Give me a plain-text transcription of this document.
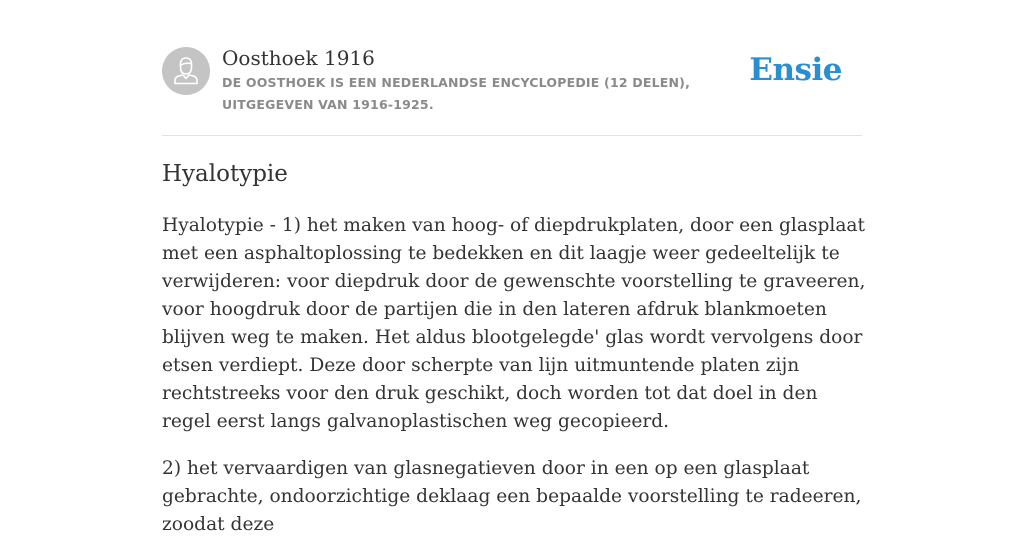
Oosthoek 1916
DE OOSTHOEK IS EEN NEDERLANDSE ENCYCLOPEDIE (12 DELEN), UITGEGEVEN VAN 1916-1925.
Ensie
Hyalotypie

Hyalotypie - 1) het maken van hoog- of diepdrukplaten, door een glasplaat met een asphaltoplossing te bedekken en dit laagje weer gedeeltelijk te verwijderen: voor diepdruk door de gewenschte voorstelling te graveeren, voor hoogdruk door de partijen die in den lateren afdruk blankmoeten blijven weg te maken. Het aldus blootgelegde' glas wordt vervolgens door etsen verdiept. Deze door scherpte van lijn uitmuntende platen zijn rechtstreeks voor den druk geschikt, doch worden tot dat doel in den regel eerst langs galvanoplastischen weg gecopieerd.

2) het vervaardigen van glasnegatieven door in een op een glasplaat gebrachte, ondoorzichtige deklaag een bepaalde voorstelling te radeeren, zoodat deze
